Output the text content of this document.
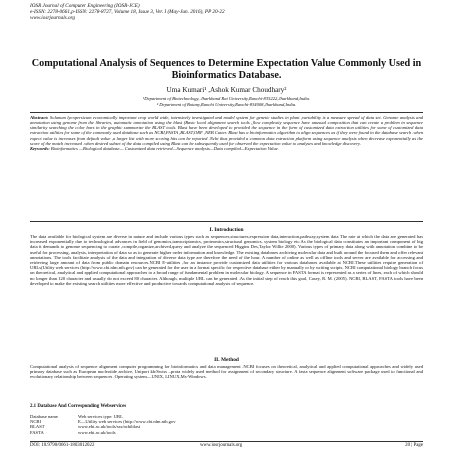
IOSR Journal of Computer Engineering (IOSR-JCE)
e-ISSN: 2278-0661,p-ISSN: 2278-8727, Volume 18, Issue 3, Ver. I (May-Jun. 2016), PP 20-22
www.iosrjournals.org
Computational Analysis of Sequences to Determine Expectation Value Commonly Used in Bioinformatics Database.
Uma Kumari¹ ,Ashok Kumar Choudhary²
¹Department of Biotechnology, Jharkhand Rai University,Ranchi-835222,Jharkhand,India.
² Department of Botany,Ranchi University,Ranchi-834008,Jharkhand,India.

Abstract: Solanum lycopersicum economically important crop world wide, intensively investigated and model system for genetic studies in plant ,variability is a measure spread of data set. Genome analysis and annotation using genome from the libraries, automatic annotation using the blast (Basic local alignment search tools ,)low complexity sequence have unusual composition that can create a problem in sequence similarity searching the color bars in the graphic summarize the BLAST tools. Blast have been developed to provided the sequence in the form of customized data extraction utilities for some of customized data extraction utilities for some of the commonly used database such as NCBI,FASTA ,BLAST,ORF ,NEB Cutter. Blast has a bioinformatics algorithm to align sequences as if they were found in the database search .when expect value is increases from default value ,a larger list with more scoring hits can be reported .Ncbi thus provided a common data extraction platform using sequence analysis when decrease exponentially as the score of the match increased .when desired subset of the data compiled using Blast can be subsequently used for observed the expectation value to analyses and knowledge discovery.

Keywords: Bioinformatics —Biological database— Customized data retrieved—Sequence analysis—Data compiled—Expectation Value.

I. Introduction

The data available for biological system are diverse in nature and include various types such as sequences,structures,expression data,interaction,pathway,system data The rate at which the data are generated has increased exponentially due to technological advances in field of genomics,transcriptomics, proteomics,structural genomics, system biology etc.As the biological data constitutes an important component of big data it demands to genome sequencing to curate ,compile,organize,archived,query and analyze the sequenced Higgins Des,Taylor Willie 2000). Various types of primary data along with annotation combine to be useful for processing, analysis, interpretation of data so as to generate higher order information and knowledge. The existing databases archiving molecular data and built around the focused them and offer relevant annotations. The tools facilitate analysis of the data and integration of diverse data type are therefore the need of the hour. A number of online as well as offline tools and server are available for accessing and retrieving large amount of data from public domain resources.NCBI E-utilities ,for an instance provide customized data utilities for various databases available at NCBI.These utilities require generation of URLs(Utility web services (http://www.cbi.nlm.nih.gov) can be generated for the user in a format specific for respective database either by manually or by writing scripts. NCBI computational biology branch focus on theoretical, analytical and applied computational approaches to a broad range of fundamental problem in molecular biology. A sequence in FASTA format is represented as a series of lines, each of which should no longer than 120 character and usually do not exceed 80 character. Although, multiple URL can be generated .As the initial step of reach this goal, Casey, R. M. (2005). NCBI, BLAST, FASTA tools have been developed to make the existing search utilities more effective and productive towards computational analysis of sequence.

II. Method

Computational analysis of sequence alignment computer programming for bioinformatics and data management .NCBI focuses on theoretical, analytical and applied computational approaches and widely used primary database such as European nucleotide archive, Uniport kb/Swiss –prota widely used method for assignment of secondary structure. A fasta sequence alignment software package used to functional and evolutionary relationship between sequences .Operating system—UNIX, LINUX,Ms-Windows.

2.1 Database And Corresponding Webservices
Database name	Web services type: URL
NCBI	E—Utility web services (http://www.cbi.nlm.nih.gov
BLAST	www.ebi.ac.uk/tools/sss/ncbiblast
FASTA	www.ebi.ac.uk/tools
DOI: 10.9790/0661-1803012022	www.iosrjournals.org	20 | Page
